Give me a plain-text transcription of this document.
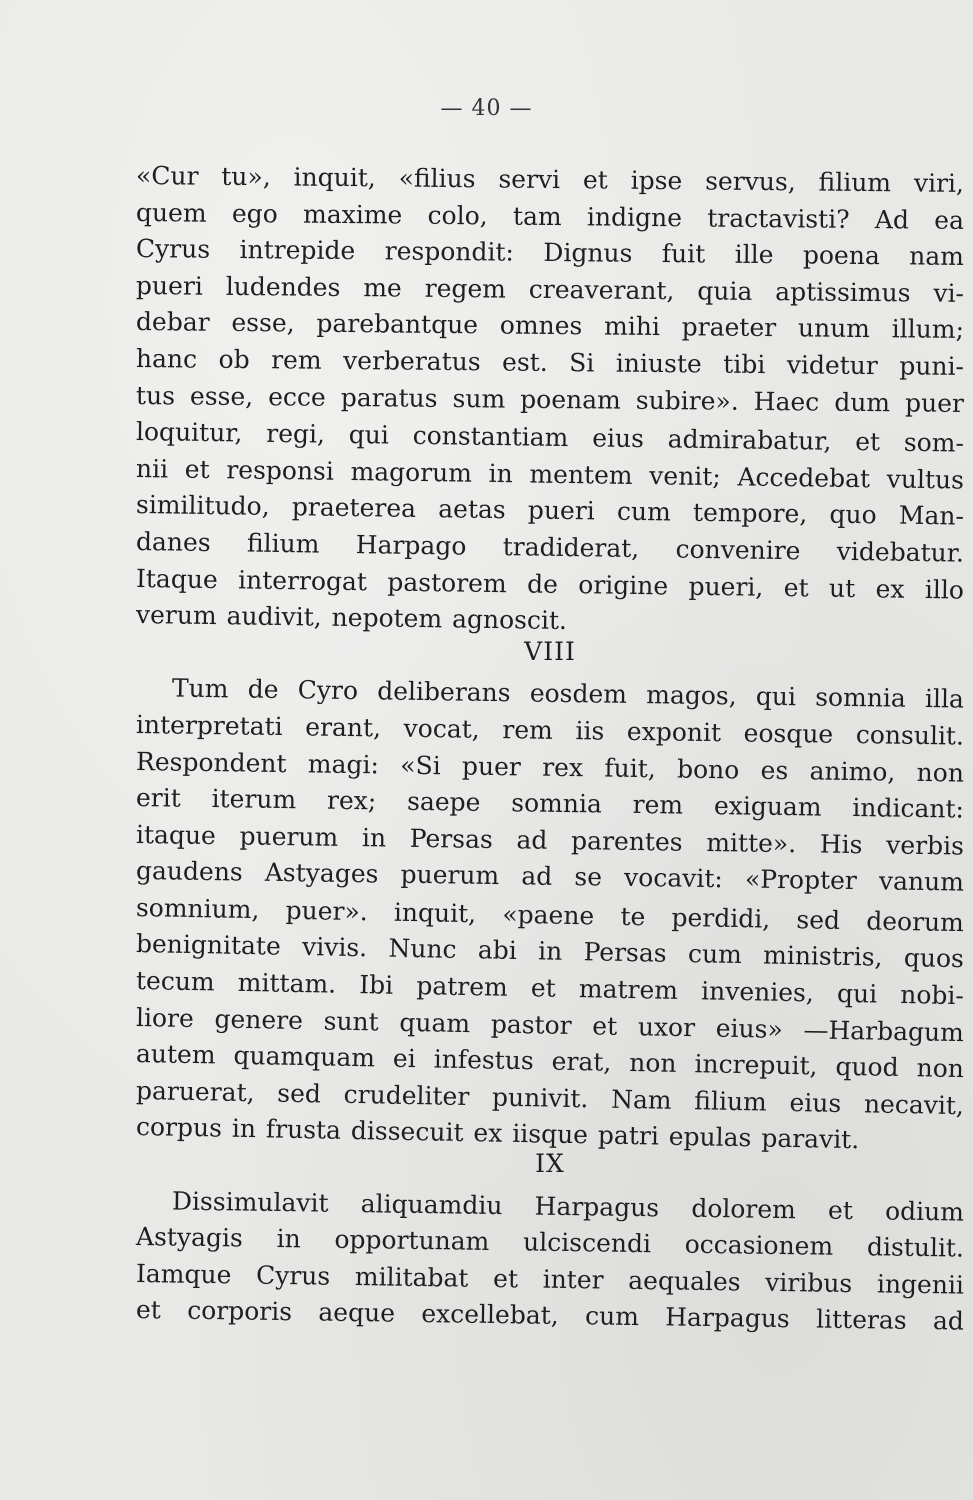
— 40 —
«Cur tu», inquit, «filius servi et ipse servus, filium viri,
quem ego maxime colo, tam indigne tractavisti? Ad ea
Cyrus intrepide respondit: Dignus fuit ille poena nam
pueri ludendes me regem creaverant, quia aptissimus vi-
debar esse, parebantque omnes mihi praeter unum illum;
hanc ob rem verberatus est. Si iniuste tibi videtur puni-
tus esse, ecce paratus sum poenam subire». Haec dum puer
loquitur, regi, qui constantiam eius admirabatur, et som-
nii et responsi magorum in mentem venit; Accedebat vultus
similitudo, praeterea aetas pueri cum tempore, quo Man-
danes filium Harpago tradiderat, convenire videbatur.
Itaque interrogat pastorem de origine pueri, et ut ex illo
verum audivit, nepotem agnoscit.
VIII
Tum de Cyro deliberans eosdem magos, qui somnia illa
interpretati erant, vocat, rem iis exponit eosque consulit.
Respondent magi: «Si puer rex fuit, bono es animo, non
erit iterum rex; saepe somnia rem exiguam indicant:
itaque puerum in Persas ad parentes mitte». His verbis
gaudens Astyages puerum ad se vocavit: «Propter vanum
somnium, puer». inquit, «paene te perdidi, sed deorum
benignitate vivis. Nunc abi in Persas cum ministris, quos
tecum mittam. Ibi patrem et matrem invenies, qui nobi-
liore genere sunt quam pastor et uxor eius» —Harbagum
autem quamquam ei infestus erat, non increpuit, quod non
paruerat, sed crudeliter punivit. Nam filium eius necavit,
corpus in frusta dissecuit ex iisque patri epulas paravit.
IX
Dissimulavit aliquamdiu Harpagus dolorem et odium
Astyagis in opportunam ulciscendi occasionem distulit.
Iamque Cyrus militabat et inter aequales viribus ingenii
et corporis aeque excellebat, cum Harpagus litteras ad
